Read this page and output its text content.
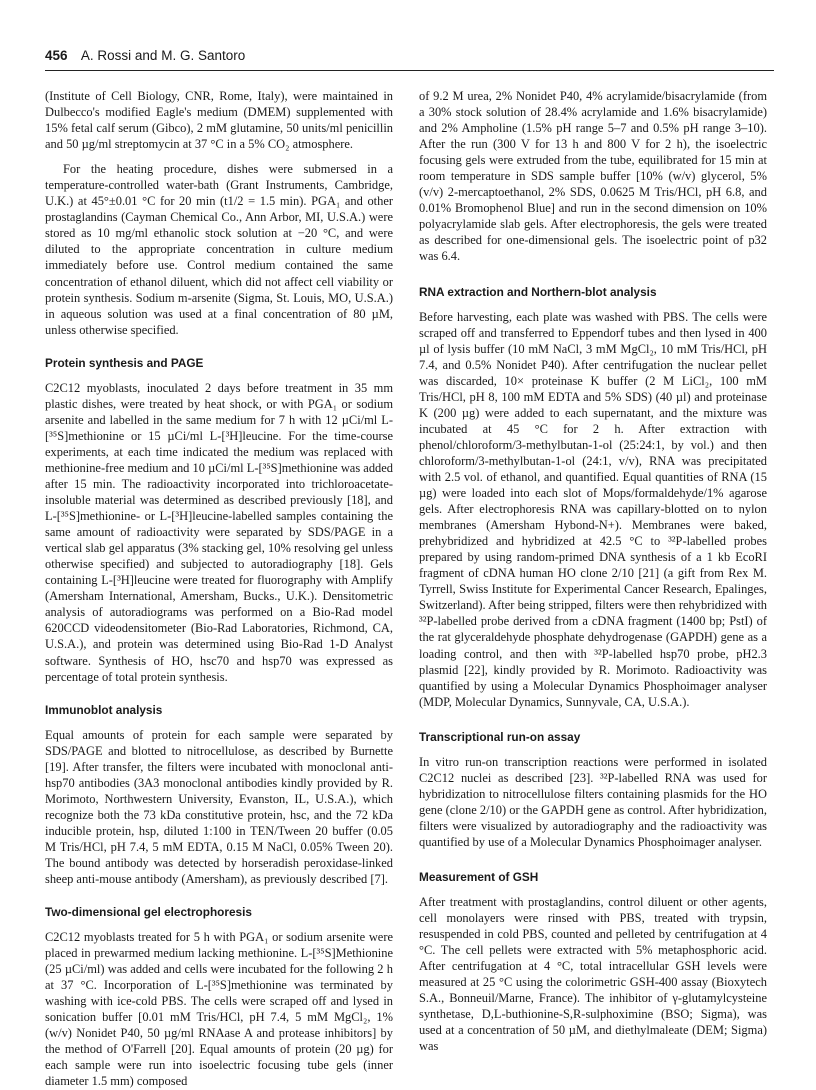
456 A. Rossi and M. G. Santoro

(Institute of Cell Biology, CNR, Rome, Italy), were maintained in Dulbecco's modified Eagle's medium (DMEM) supplemented with 15% fetal calf serum (Gibco), 2 mM glutamine, 50 units/ml penicillin and 50 µg/ml streptomycin at 37 °C in a 5% CO₂ atmosphere.

For the heating procedure, dishes were submersed in a temperature-controlled water-bath (Grant Instruments, Cambridge, U.K.) at 45°±0.01 °C for 20 min (t1/2 = 1.5 min). PGA₁ and other prostaglandins (Cayman Chemical Co., Ann Arbor, MI, U.S.A.) were stored as 10 mg/ml ethanolic stock solution at −20 °C, and were diluted to the appropriate concentration in culture medium immediately before use. Control medium contained the same concentration of ethanol diluent, which did not affect cell viability or protein synthesis. Sodium m-arsenite (Sigma, St. Louis, MO, U.S.A.) in aqueous solution was used at a final concentration of 80 µM, unless otherwise specified.

Protein synthesis and PAGE

C2C12 myoblasts, inoculated 2 days before treatment in 35 mm plastic dishes, were treated by heat shock, or with PGA₁ or sodium arsenite and labelled in the same medium for 7 h with 12 µCi/ml L-[³⁵S]methionine or 15 µCi/ml L-[³H]leucine. For the time-course experiments, at each time indicated the medium was replaced with methionine-free medium and 10 µCi/ml L-[³⁵S]methionine was added after 15 min. The radioactivity incorporated into trichloroacetate-insoluble material was determined as described previously [18], and L-[³⁵S]methionine- or L-[³H]leucine-labelled samples containing the same amount of radioactivity were separated by SDS/PAGE in a vertical slab gel apparatus (3% stacking gel, 10% resolving gel unless otherwise specified) and subjected to autoradiography [18]. Gels containing L-[³H]leucine were treated for fluorography with Amplify (Amersham International, Amersham, Bucks., U.K.). Densitometric analysis of autoradiograms was performed on a Bio-Rad model 620CCD videodensitometer (Bio-Rad Laboratories, Richmond, CA, U.S.A.), and protein was determined using Bio-Rad 1-D Analyst software. Synthesis of HO, hsc70 and hsp70 was expressed as percentage of total protein synthesis.

Immunoblot analysis

Equal amounts of protein for each sample were separated by SDS/PAGE and blotted to nitrocellulose, as described by Burnette [19]. After transfer, the filters were incubated with monoclonal anti-hsp70 antibodies (3A3 monoclonal antibodies kindly provided by R. Morimoto, Northwestern University, Evanston, IL, U.S.A.), which recognize both the 73 kDa constitutive protein, hsc, and the 72 kDa inducible protein, hsp, diluted 1:100 in TEN/Tween 20 buffer (0.05 M Tris/HCl, pH 7.4, 5 mM EDTA, 0.15 M NaCl, 0.05% Tween 20). The bound antibody was detected by horseradish peroxidase-linked sheep anti-mouse antibody (Amersham), as previously described [7].

Two-dimensional gel electrophoresis

C2C12 myoblasts treated for 5 h with PGA₁ or sodium arsenite were placed in prewarmed medium lacking methionine. L-[³⁵S]Methionine (25 µCi/ml) was added and cells were incubated for the following 2 h at 37 °C. Incorporation of L-[³⁵S]methionine was terminated by washing with ice-cold PBS. The cells were scraped off and lysed in sonication buffer [0.01 mM Tris/HCl, pH 7.4, 5 mM MgCl₂, 1% (w/v) Nonidet P40, 50 µg/ml RNAase A and protease inhibitors] by the method of O'Farrell [20]. Equal amounts of protein (20 µg) for each sample were run into isoelectric focusing tube gels (inner diameter 1.5 mm) composed

of 9.2 M urea, 2% Nonidet P40, 4% acrylamide/bisacrylamide (from a 30% stock solution of 28.4% acrylamide and 1.6% bisacrylamide) and 2% Ampholine (1.5% pH range 5–7 and 0.5% pH range 3–10). After the run (300 V for 13 h and 800 V for 2 h), the isoelectric focusing gels were extruded from the tube, equilibrated for 15 min at room temperature in SDS sample buffer [10% (w/v) glycerol, 5% (v/v) 2-mercaptoethanol, 2% SDS, 0.0625 M Tris/HCl, pH 6.8, and 0.01% Bromophenol Blue] and run in the second dimension on 10% polyacrylamide slab gels. After electrophoresis, the gels were treated as described for one-dimensional gels. The isoelectric point of p32 was 6.4.

RNA extraction and Northern-blot analysis

Before harvesting, each plate was washed with PBS. The cells were scraped off and transferred to Eppendorf tubes and then lysed in 400 µl of lysis buffer (10 mM NaCl, 3 mM MgCl₂, 10 mM Tris/HCl, pH 7.4, and 0.5% Nonidet P40). After centrifugation the nuclear pellet was discarded, 10× proteinase K buffer (2 M LiCl₂, 100 mM Tris/HCl, pH 8, 100 mM EDTA and 5% SDS) (40 µl) and proteinase K (200 µg) were added to each supernatant, and the mixture was incubated at 45 °C for 2 h. After extraction with phenol/chloroform/3-methylbutan-1-ol (25:24:1, by vol.) and then chloroform/3-methylbutan-1-ol (24:1, v/v), RNA was precipitated with 2.5 vol. of ethanol, and quantified. Equal quantities of RNA (15 µg) were loaded into each slot of Mops/formaldehyde/1% agarose gels. After electrophoresis RNA was capillary-blotted on to nylon membranes (Amersham Hybond-N+). Membranes were baked, prehybridized and hybridized at 42.5 °C to ³²P-labelled probes prepared by using random-primed DNA synthesis of a 1 kb EcoRI fragment of cDNA human HO clone 2/10 [21] (a gift from Rex M. Tyrrell, Swiss Institute for Experimental Cancer Research, Epalinges, Switzerland). After being stripped, filters were then rehybridized with ³²P-labelled probe derived from a cDNA fragment (1400 bp; PstI) of the rat glyceraldehyde phosphate dehydrogenase (GAPDH) gene as a loading control, and then with ³²P-labelled hsp70 probe, pH2.3 plasmid [22], kindly provided by R. Morimoto. Radioactivity was quantified by using a Molecular Dynamics Phosphoimager analyser (MDP, Molecular Dynamics, Sunnyvale, CA, U.S.A.).

Transcriptional run-on assay

In vitro run-on transcription reactions were performed in isolated C2C12 nuclei as described [23]. ³²P-labelled RNA was used for hybridization to nitrocellulose filters containing plasmids for the HO gene (clone 2/10) or the GAPDH gene as control. After hybridization, filters were visualized by autoradiography and the radioactivity was quantified by use of a Molecular Dynamics Phosphoimager analyser.

Measurement of GSH

After treatment with prostaglandins, control diluent or other agents, cell monolayers were rinsed with PBS, treated with trypsin, resuspended in cold PBS, counted and pelleted by centrifugation at 4 °C. The cell pellets were extracted with 5% metaphosphoric acid. After centrifugation at 4 °C, total intracellular GSH levels were measured at 25 °C using the colorimetric GSH-400 assay (Bioxytech S.A., Bonneuil/Marne, France). The inhibitor of γ-glutamylcysteine synthetase, D,L-buthionine-S,R-sulphoximine (BSO; Sigma), was used at a concentration of 50 µM, and diethylmaleate (DEM; Sigma) was
